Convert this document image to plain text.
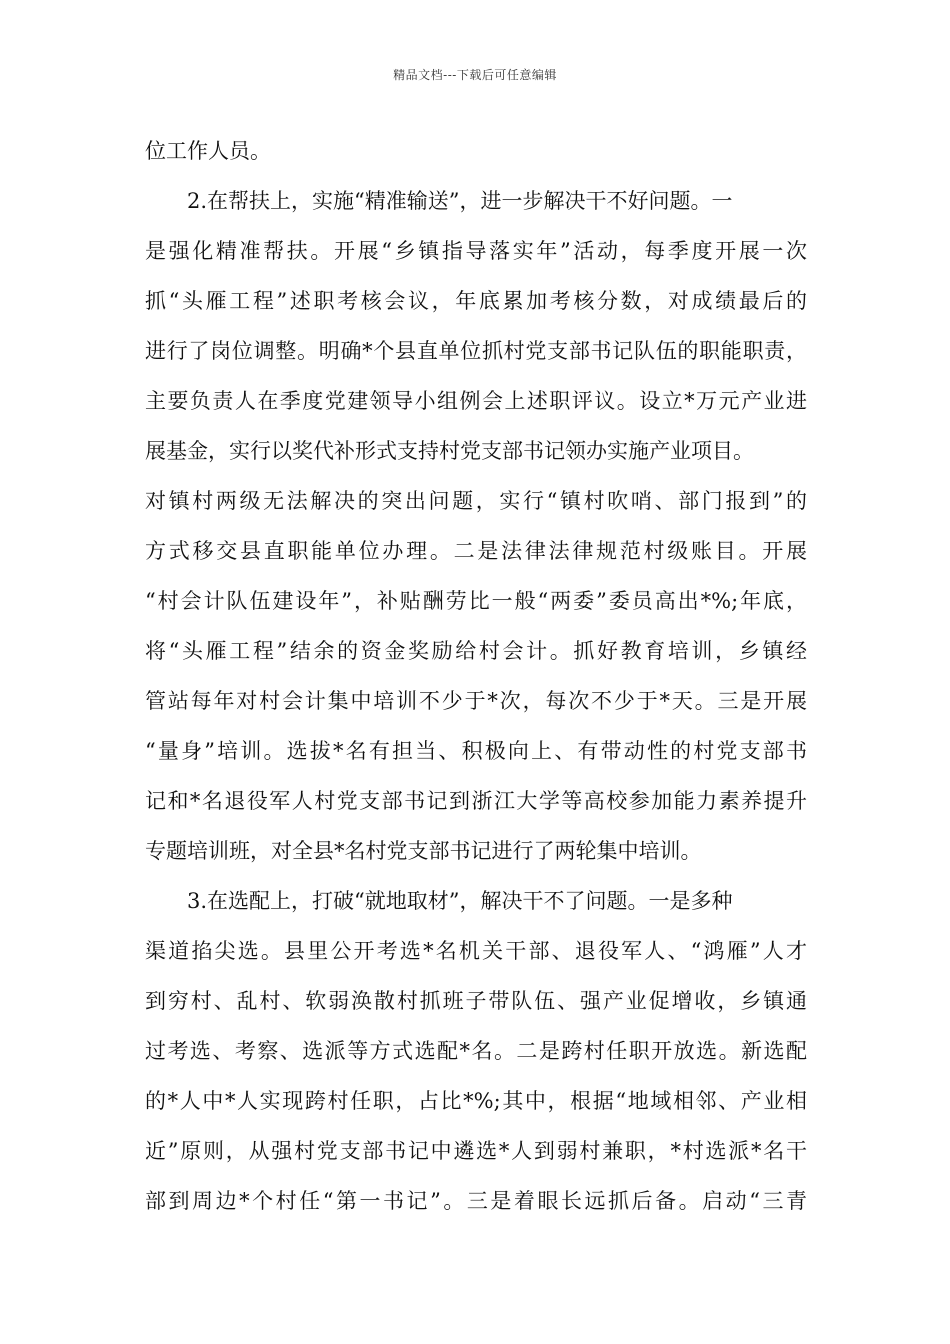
精品文档---下载后可任意编辑
位工作人员。
2.在帮扶上，实施“精准输送”，进一步解决干不好问题。一
是强化精准帮扶。开展“乡镇指导落实年”活动，每季度开展一次
抓“头雁工程”述职考核会议，年底累加考核分数，对成绩最后的
进行了岗位调整。明确*个县直单位抓村党支部书记队伍的职能职责，
主要负责人在季度党建领导小组例会上述职评议。设立*万元产业进
展基金，实行以奖代补形式支持村党支部书记领办实施产业项目。
对镇村两级无法解决的突出问题，实行“镇村吹哨、部门报到”的
方式移交县直职能单位办理。二是法律法律规范村级账目。开展
“村会计队伍建设年”，补贴酬劳比一般“两委”委员高出*%;年底，
将“头雁工程”结余的资金奖励给村会计。抓好教育培训，乡镇经
管站每年对村会计集中培训不少于*次，每次不少于*天。三是开展
“量身”培训。选拔*名有担当、积极向上、有带动性的村党支部书
记和*名退役军人村党支部书记到浙江大学等高校参加能力素养提升
专题培训班，对全县*名村党支部书记进行了两轮集中培训。
3.在选配上，打破“就地取材”，解决干不了问题。一是多种
渠道掐尖选。县里公开考选*名机关干部、退役军人、“鸿雁”人才
到穷村、乱村、软弱涣散村抓班子带队伍、强产业促增收，乡镇通
过考选、考察、选派等方式选配*名。二是跨村任职开放选。新选配
的*人中*人实现跨村任职，占比*%;其中，根据“地域相邻、产业相
近”原则，从强村党支部书记中遴选*人到弱村兼职，*村选派*名干
部到周边*个村任“第一书记”。三是着眼长远抓后备。启动“三青
